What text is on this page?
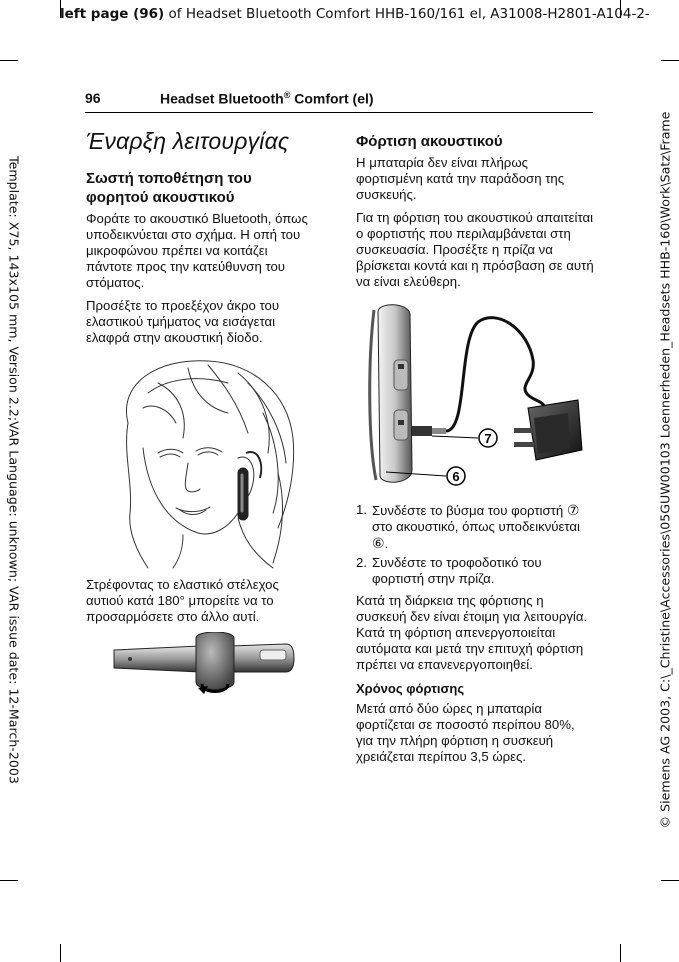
left page (96) of Headset Bluetooth Comfort HHB-160/161 el, A31008-H2801-A104-2-
Template: X75, 143x105 mm, Version 2.2;VAR Language: unknown; VAR issue date: 12-March-2003	© Siemens AG 2003, C:\_Christine\Accessories\05GUW00103 Loennerheden_Headsets HHB-160\Work\Satz\Frame
96	Headset Bluetooth® Comfort (el)
Έναρξη λειτουργίας
Σωστή τοποθέτηση του φορητού ακουστικού

Φοράτε το ακουστικό Bluetooth, όπως υποδεικνύεται στο σχήμα. Η οπή του μικροφώνου πρέπει να κοιτάζει πάντοτε προς την κατεύθυνση του στόματος.

Προσέξτε το προεξέχον άκρο του ελαστικού τμήματος να εισάγεται ελαφρά στην ακουστική δίοδο.

Στρέφοντας το ελαστικό στέλεχος αυτιού κατά 180° μπορείτε να το προσαρμόσετε στο άλλο αυτί.

Φόρτιση ακουστικού

Η μπαταρία δεν είναι πλήρως φορτισμένη κατά την παράδοση της συσκευής.

Για τη φόρτιση του ακουστικού απαιτείται ο φορτιστής που περιλαμβάνεται στη συσκευασία. Προσέξτε η πρίζα να βρίσκεται κοντά και η πρόσβαση σε αυτή να είναι ελεύθερη.

7
6
1. Συνδέστε το βύσμα του φορτιστή ⑦ στο ακουστικό, όπως υποδεικνύεται ⑥.
2. Συνδέστε το τροφοδοτικό του φορτιστή στην πρίζα.

Κατά τη διάρκεια της φόρτισης η συσκευή δεν είναι έτοιμη για λειτουργία. Κατά τη φόρτιση απενεργοποιείται αυτόματα και μετά την επιτυχή φόρτιση πρέπει να επανενεργοποιηθεί.

Χρόνος φόρτισης

Μετά από δύο ώρες η μπαταρία φορτίζεται σε ποσοστό περίπου 80%, για την πλήρη φόρτιση η συσκευή χρειάζεται περίπου 3,5 ώρες.
